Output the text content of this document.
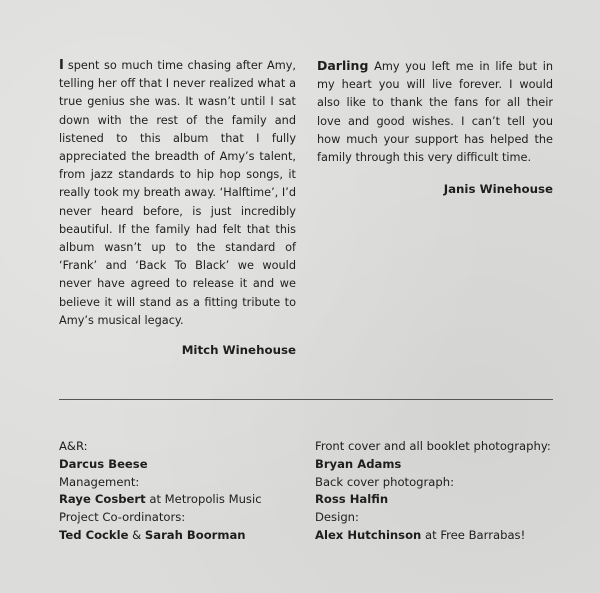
I spent so much time chasing after Amy, telling her off that I never realized what a true genius she was. It wasn’t until I sat down with the rest of the family and listened to this album that I fully appreciated the breadth of Amy’s talent, from jazz standards to hip hop songs, it really took my breath away. ‘Halftime’, I’d never heard before, is just incredibly beautiful. If the family had felt that this album wasn’t up to the standard of ‘Frank’ and ‘Back To Black’ we would never have agreed to release it and we believe it will stand as a fitting tribute to Amy’s musical legacy.
Mitch Winehouse
Darling Amy you left me in life but in my heart you will live forever. I would also like to thank the fans for all their love and good wishes. I can’t tell you how much your support has helped the family through this very difficult time.
Janis Winehouse
A&R:
Darcus Beese
Management:
Raye Cosbert at Metropolis Music
Project Co-ordinators:
Ted Cockle & Sarah Boorman
Front cover and all booklet photography:
Bryan Adams
Back cover photograph:
Ross Halfin
Design:
Alex Hutchinson at Free Barrabas!
